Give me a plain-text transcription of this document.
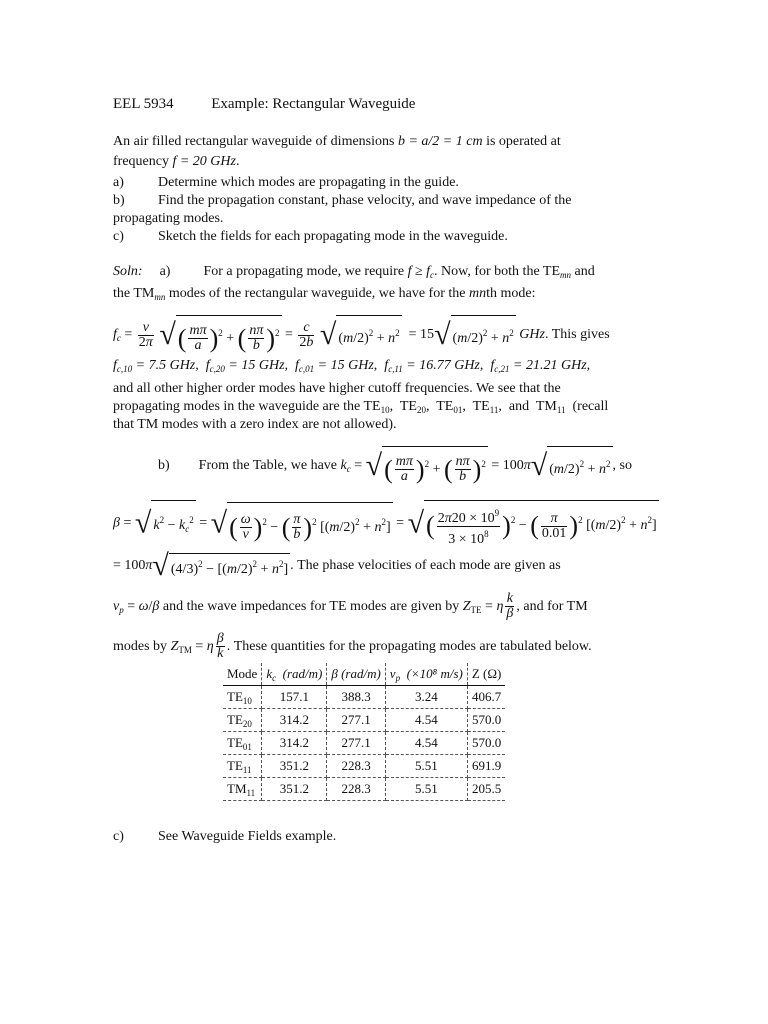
EEL 5934	Example: Rectangular Waveguide
An air filled rectangular waveguide of dimensions b = a/2 = 1 cm is operated at
frequency f = 20 GHz.
a) Determine which modes are propagating in the guide.
b) Find the propagation constant, phase velocity, and wave impedance of the
propagating modes.
c) Sketch the fields for each propagating mode in the waveguide.
Soln: a) For a propagating mode, we require $f \ge f_c$. Now, for both the $TE_{mn}$ and
the $TM_{mn}$ modes of the rectangular waveguide, we have for the mnth mode:
$f_c = \frac{v}{2\pi}$ √( $\frac{m\pi}{a} )^2$ + ( $\frac{n\pi}{b} )^2 = \frac{c}{2b}$ √ $(m/2)^2 + n^2 = 15√$ $(m/2)^2 + n^2$ GHz. This gives
$f_{c,10} = 7.5$ GHz,  $f_{c,20} = 15$ GHz,  $f_{c,01} = 15$ GHz,  $f_{c,11} = 16.77$ GHz,  $f_{c,21} = 21.21$ GHz,
and all other higher order modes have higher cutoff frequencies. We see that the
propagating modes in the waveguide are the $TE_{10}$,  $TE_{20}$,  $TE_{01}$,  $TE_{11}$,  and  $TM_{11}$  (recall
that TM modes with a zero index are not allowed).
b) From the Table, we have $k_c$ = √( $\frac{m\pi}{a} )^2$ + ( $\frac{n\pi}{b} )^2 = 100\pi√$ $(m/2)^2 + n^2$ , so
β = √ $k^2 - k_c^2$ = √( $\frac{\omega}{v} )^2$ − ( $\frac{\pi}{b} )^2$ $[(m/2)^2 + n^2]$ = √( $\frac{2\pi 20 \times 10^9}{3 \times 10^8} )^2$ − ( $\frac{\pi}{0.01} )^2$ $[(m/2)^2 + n^2]$
= 100π√ $(4/3)^2 - [(m/2)^2 + n^2]$ . The phase velocities of each mode are given as
$v_p = \omega/\beta$ and the wave impedances for TE modes are given by $Z_{TE} = \eta \frac{k}{\beta}$ , and for TM
modes by $Z_{TM} = \eta \frac{\beta}{k}$ . These quantities for the propagating modes are tabulated below.
Mode	$k_c$ (rad/m)	β (rad/m)	$v_p$ (×10⁸ m/s)	Z (Ω)
$TE_{10}$	157.1	388.3	3.24	406.7
$TE_{20}$	314.2	277.1	4.54	570.0
$TE_{01}$	314.2	277.1	4.54	570.0
$TE_{11}$	351.2	228.3	5.51	691.9
$TM_{11}$	351.2	228.3	5.51	205.5
c) See Waveguide Fields example.
